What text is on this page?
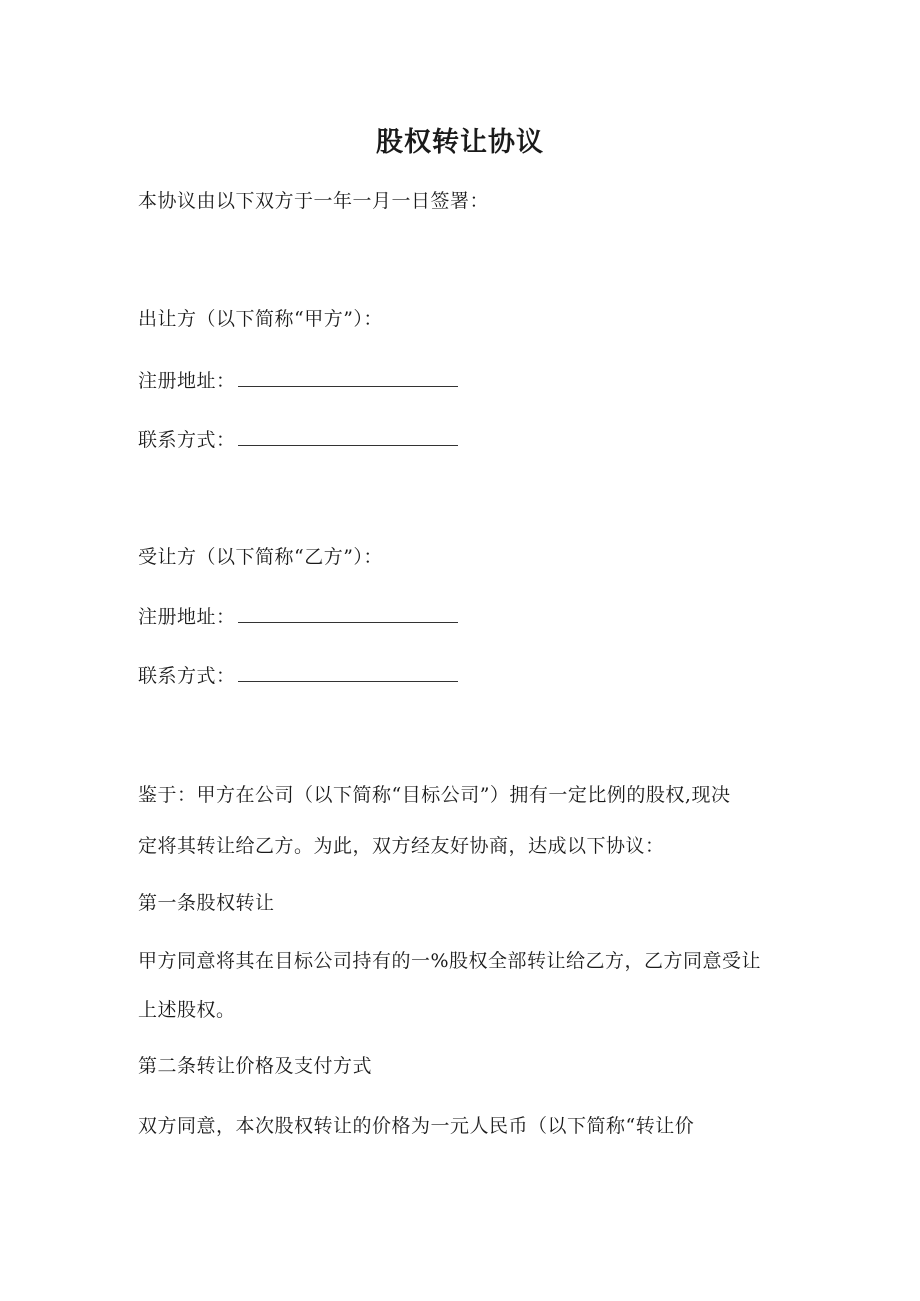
股权转让协议
本协议由以下双方于一年一月一日签署：
出让方（以下简称“甲方”）：
注册地址：
联系方式：
受让方（以下简称“乙方”）：
注册地址：
联系方式：
鉴于：甲方在公司（以下简称“目标公司”）拥有一定比例的股权,现决
定将其转让给乙方。为此，双方经友好协商，达成以下协议：
第一条股权转让
甲方同意将其在目标公司持有的一%股权全部转让给乙方，乙方同意受让
上述股权。
第二条转让价格及支付方式
双方同意，本次股权转让的价格为一元人民币（以下简称“转让价
